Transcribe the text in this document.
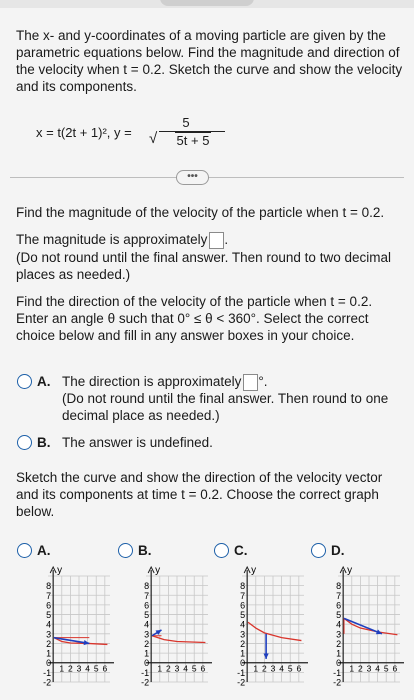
The x- and y-coordinates of a moving particle are given by the parametric equations below. Find the magnitude and direction of the velocity when t = 0.2. Sketch the curve and show the velocity and its components.
x = t(2t + 1)², y =
5
√ 5t + 5
•••
Find the magnitude of the velocity of the particle when t = 0.2.
The magnitude is approximately .
(Do not round until the final answer. Then round to two decimal places as needed.)
Find the direction of the velocity of the particle when t = 0.2. Enter an angle θ such that 0° ≤ θ < 360°. Select the correct choice below and fill in any answer boxes in your choice.
A. The direction is approximately °.
(Do not round until the final answer. Then round to one decimal place as needed.)
B. The answer is undefined.
Sketch the curve and show the direction of the velocity vector and its components at time t = 0.2. Choose the correct graph below.
A.	B.	C.	D.
y
8
7
6
5
4
3
2
1
0
-1
-2
1 2 3 4 5 6
y
8
7
6
5
4
3
2
1
0
-1
-2
1 2 3 4 5 6
y
8
7
6
5
4
3
2
1
0
-1
-2
1 2 3 4 5 6
y
8
7
6
5
4
3
2
1
0
-1
-2
1 2 3 4 5 6
